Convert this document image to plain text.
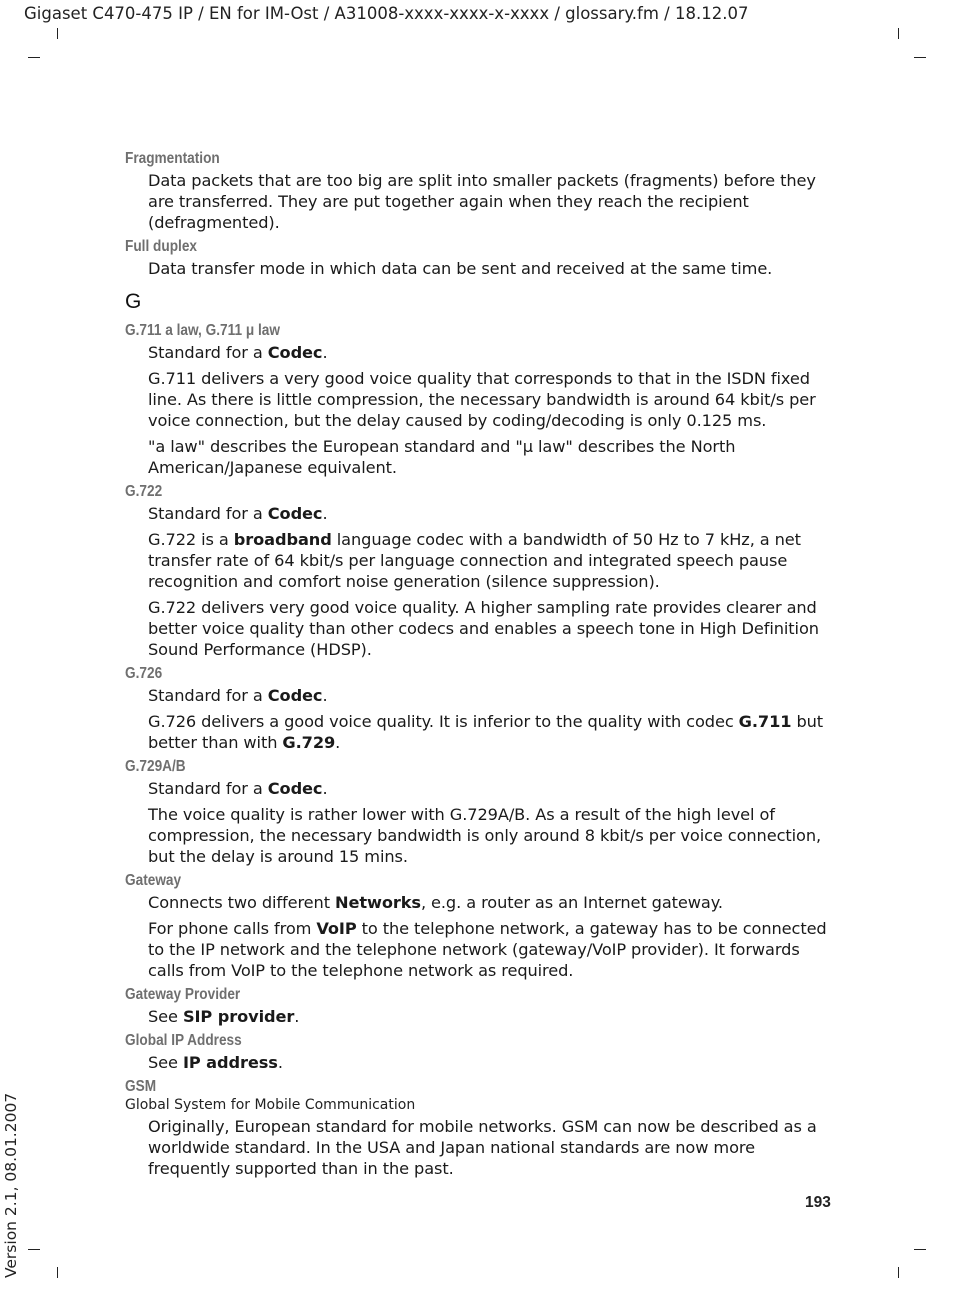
Gigaset C470-475 IP / EN for IM-Ost / A31008-xxxx-xxxx-x-xxxx / glossary.fm / 18.12.07
Version 2.1, 08.01.2007
Fragmentation

Data packets that are too big are split into smaller packets (fragments) before they are transferred. They are put together again when they reach the recipient (defragmented).

Full duplex

Data transfer mode in which data can be sent and received at the same time.

G
G.711 a law, G.711 μ law

Standard for a Codec.

G.711 delivers a very good voice quality that corresponds to that in the ISDN fixed line. As there is little compression, the necessary bandwidth is around 64 kbit/s per voice connection, but the delay caused by coding/decoding is only 0.125 ms.

"a law" describes the European standard and "μ law" describes the North American/Japanese equivalent.

G.722

Standard for a Codec.

G.722 is a broadband language codec with a bandwidth of 50 Hz to 7 kHz, a net transfer rate of 64 kbit/s per language connection and integrated speech pause recognition and comfort noise generation (silence suppression).

G.722 delivers very good voice quality. A higher sampling rate provides clearer and better voice quality than other codecs and enables a speech tone in High Definition Sound Performance (HDSP).

G.726

Standard for a Codec.

G.726 delivers a good voice quality. It is inferior to the quality with codec G.711 but better than with G.729.

G.729A/B

Standard for a Codec.

The voice quality is rather lower with G.729A/B. As a result of the high level of compression, the necessary bandwidth is only around 8 kbit/s per voice connection, but the delay is around 15 mins.

Gateway

Connects two different Networks, e.g. a router as an Internet gateway.

For phone calls from VoIP to the telephone network, a gateway has to be connected to the IP network and the telephone network (gateway/VoIP provider). It forwards calls from VoIP to the telephone network as required.

Gateway Provider

See SIP provider.

Global IP Address

See IP address.

GSM
Global System for Mobile Communication

Originally, European standard for mobile networks. GSM can now be described as a worldwide standard. In the USA and Japan national standards are now more frequently supported than in the past.

193
